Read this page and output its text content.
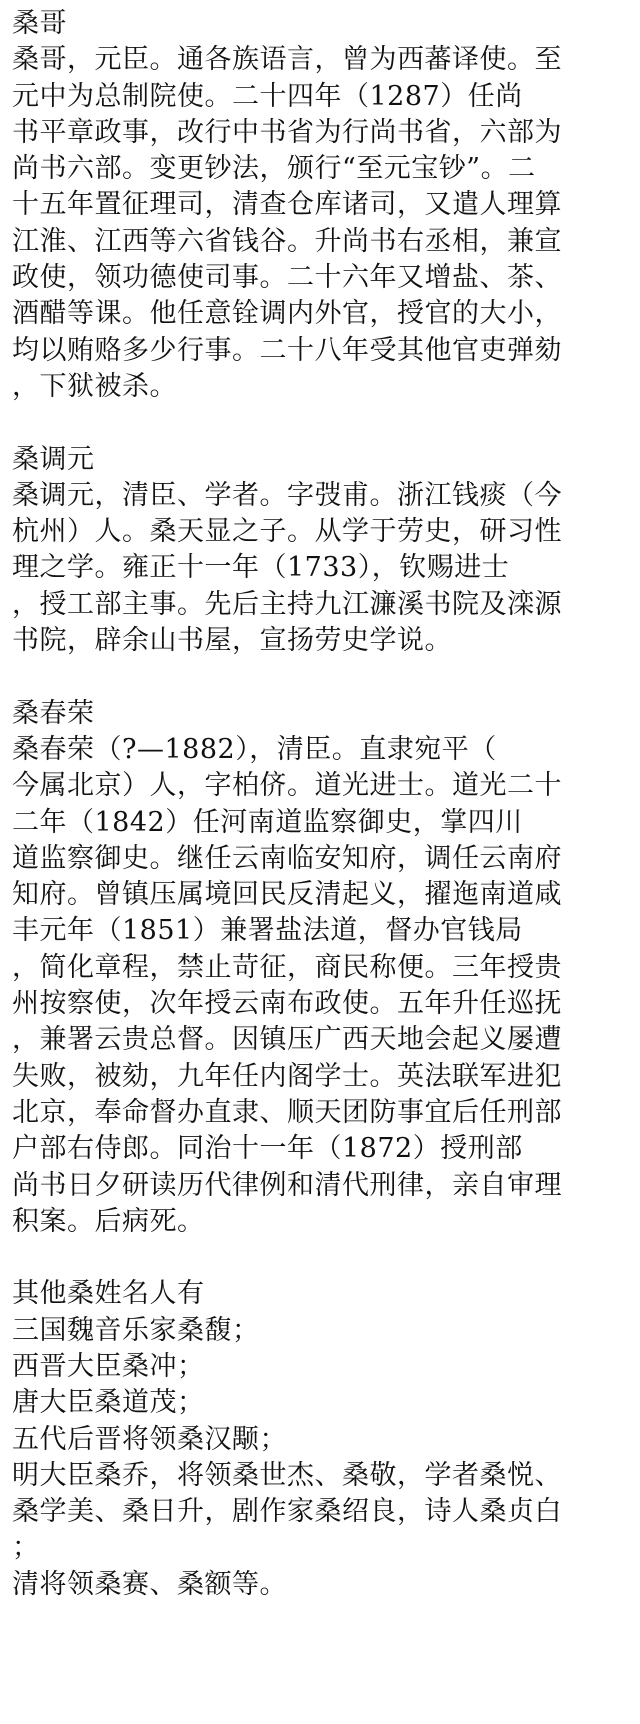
桑哥
桑哥，元臣。通各族语言，曾为西蕃译使。至
元中为总制院使。二十四年（1287）任尚
书平章政事，改行中书省为行尚书省，六部为
尚书六部。变更钞法，颁行“至元宝钞”。二
十五年置征理司，清查仓库诸司，又遣人理算
江淮、江西等六省钱谷。升尚书右丞相，兼宣
政使，领功德使司事。二十六年又增盐、茶、
酒醋等课。他任意铨调内外官，授官的大小，
均以贿赂多少行事。二十八年受其他官吏弹劾
，下狱被杀。
桑调元
桑调元，清臣、学者。字弢甫。浙江钱痰（今
杭州）人。桑天显之子。从学于劳史，研习性
理之学。雍正十一年（1733），钦赐进士
，授工部主事。先后主持九江濂溪书院及滦源
书院，辟余山书屋，宣扬劳史学说。
桑春荣
桑春荣（?—1882），清臣。直隶宛平（
今属北京）人，字柏侪。道光进士。道光二十
二年（1842）任河南道监察御史，掌四川
道监察御史。继任云南临安知府，调任云南府
知府。曾镇压属境回民反清起义，擢迤南道咸
丰元年（1851）兼署盐法道，督办官钱局
，简化章程，禁止苛征，商民称便。三年授贵
州按察使，次年授云南布政使。五年升任巡抚
，兼署云贵总督。因镇压广西天地会起义屡遭
失败，被劾，九年任内阁学士。英法联军进犯
北京，奉命督办直隶、顺天团防事宜后任刑部
户部右侍郎。同治十一年（1872）授刑部
尚书日夕研读历代律例和清代刑律，亲自审理
积案。后病死。
其他桑姓名人有
三国魏音乐家桑馥；
西晋大臣桑冲；
唐大臣桑道茂；
五代后晋将领桑汉颙；
明大臣桑乔，将领桑世杰、桑敬，学者桑悦、
桑学美、桑日升，剧作家桑绍良，诗人桑贞白
；
清将领桑赛、桑额等。
